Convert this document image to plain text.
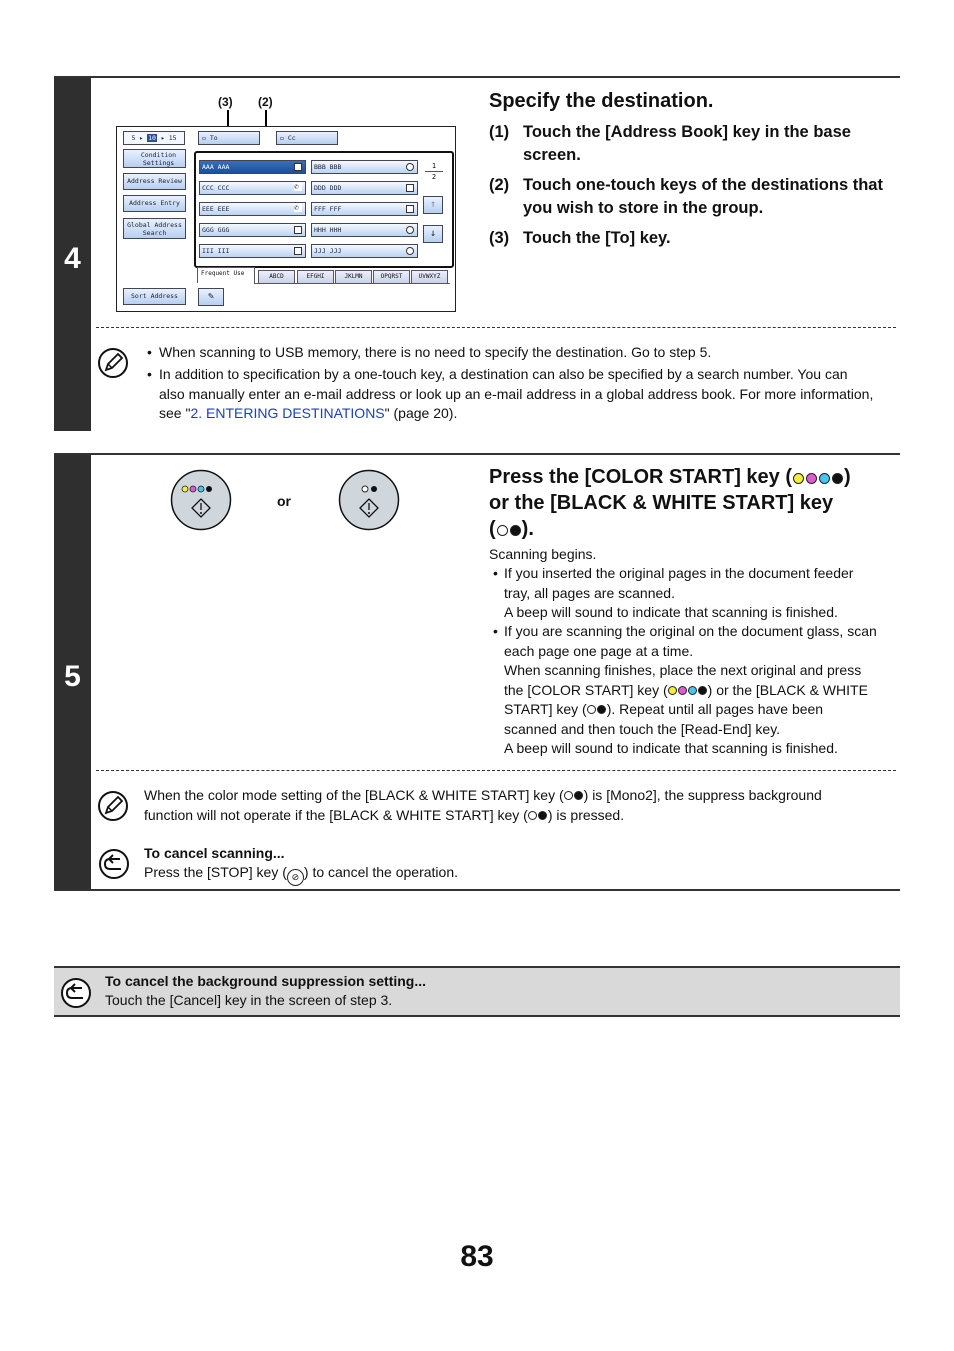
4
(3) (2)
5 ▸ 10 ▸ 15	▭ To	▭ Cc
Condition Settings
Address Review
Address Entry
Global Address Search
Sort Address	✎
AAA AAA	BBB BBB
CCC CCC	✆	DDD DDD
EEE EEE	✆	FFF FFF
GGG GGG	HHH HHH
III III	JJJ JJJ
1
2
↑
↓
Frequent Use	ABCD	EFGHI	JKLMN	OPQRST	UVWXYZ
Specify the destination.
(1) Touch the [Address Book] key in the base screen.
(2) Touch one-touch keys of the destinations that you wish to store in the group.
(3) Touch the [To] key.
• When scanning to USB memory, there is no need to specify the destination. Go to step 5.
• In addition to specification by a one-touch key, a destination can also be specified by a search number. You can
also manually enter an e-mail address or look up an e-mail address in a global address book. For more information,
see "2. ENTERING DESTINATIONS" (page 20).
5
or
Press the [COLOR START] key (	)
or the [BLACK & WHITE START] key
( ).
Scanning begins.
• If you inserted the original pages in the document feeder
tray, all pages are scanned.
A beep will sound to indicate that scanning is finished.
• If you are scanning the original on the document glass, scan
each page one page at a time.
When scanning finishes, place the next original and press
the [COLOR START] key (	) or the [BLACK & WHITE
START] key ( ). Repeat until all pages have been
scanned and then touch the [Read-End] key.
A beep will sound to indicate that scanning is finished.
When the color mode setting of the [BLACK & WHITE START] key ( ) is [Mono2], the suppress background
function will not operate if the [BLACK & WHITE START] key ( ) is pressed.
To cancel scanning...
Press the [STOP] key ( ⊘ ) to cancel the operation.
To cancel the background suppression setting...
Touch the [Cancel] key in the screen of step 3.
83
